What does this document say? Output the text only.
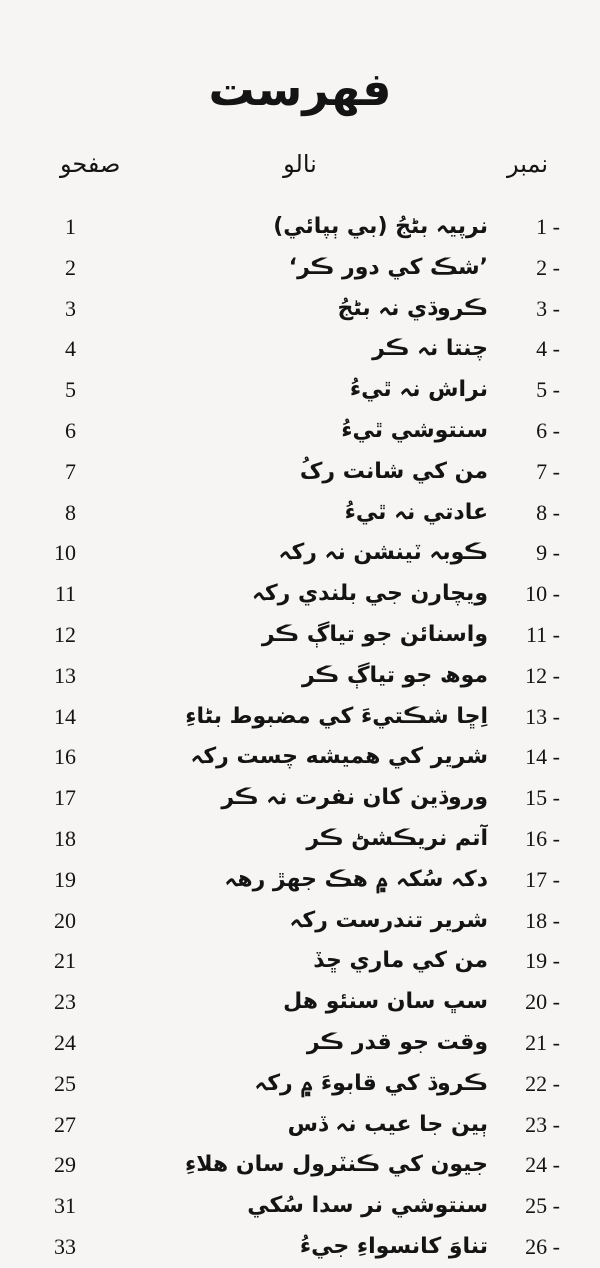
فهرست
نمبر
نالو
صفحو
1 -
نرپيہ بڻجُ (بي ٻپائي)
1
2 -
’شڪ کي دور ڪر‘
2
3 -
ڪروڌي نہ بڻجُ
3
4 -
چنتا نہ ڪر
4
5 -
نراش نہ ٿيءُ
5
6 -
سنتوشي ٿيءُ
6
7 -
من کي شانت رکُ
7
8 -
عادتي نہ ٿيءُ
8
9 -
ڪوبہ ٽينشن نہ رکہ
10
10 -
ويچارن جي بلندي رکہ
11
11 -
واسنائن جو تياڳ ڪر
12
12 -
موھ جو تياڳ ڪر
13
13 -
اِڇا شڪتيءَ کي مضبوط بڻاءِ
14
14 -
شرير کي هميشه چست رکہ
16
15 -
وروڌين کان نفرت نہ ڪر
17
16 -
آتم نريڪشڻ ڪر
18
17 -
دکہ سُکہ ۾ هڪ جهڙ رهہ
19
18 -
شرير تندرست رکہ
20
19 -
من کي ماري ڇڏ
21
20 -
سڀ سان سنئو هل
23
21 -
وقت جو قدر ڪر
24
22 -
ڪروڌ کي قابوءَ ۾ رکہ
25
23 -
ٻين جا عيب نہ ڏس
27
24 -
جيون کي ڪنٽرول سان هلاءِ
29
25 -
سنتوشي نر سدا سُکي
31
26 -
تناوَ کانسواءِ جيءُ
33
